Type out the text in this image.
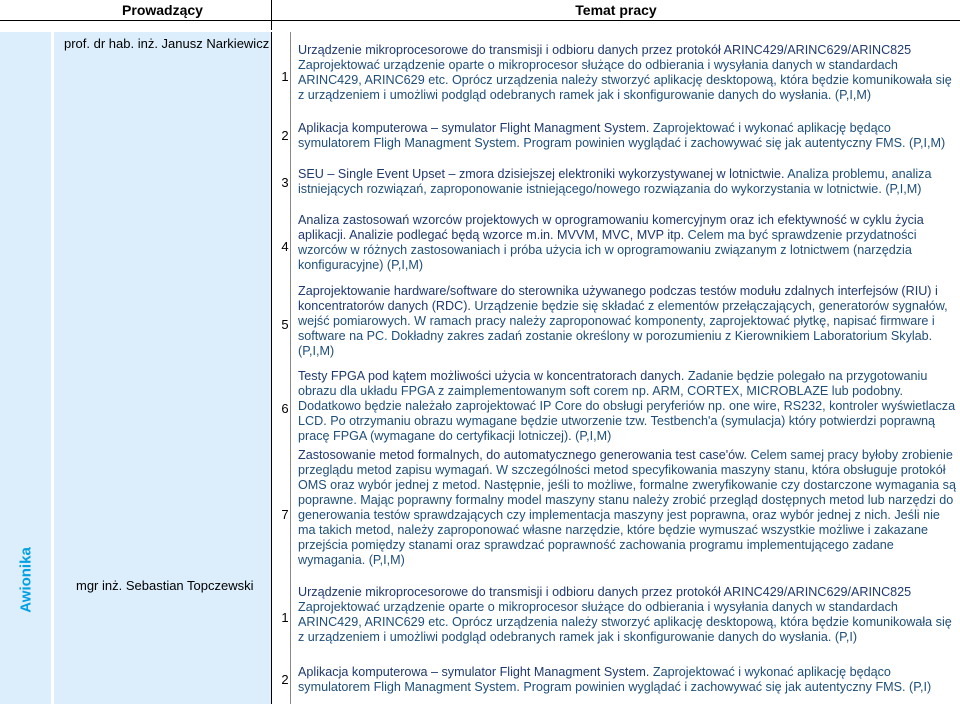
Prowadzący	Temat pracy
Awionika
prof. dr hab. inż. Janusz Narkiewicz
mgr inż. Sebastian Topczewski
1
Urządzenie mikroprocesorowe do transmisji i odbioru danych przez protokół ARINC429/ARINC629/ARINC825 Zaprojektować urządzenie oparte o mikroprocesor służące do odbierania i wysyłania danych w standardach ARINC429, ARINC629 etc. Oprócz urządzenia należy stworzyć aplikację desktopową, która będzie komunikowała się z urządzeniem i umożliwi podgląd odebranych ramek jak i skonfigurowanie danych do wysłania. (P,I,M)
2 Aplikacja komputerowa – symulator Flight Managment System. Zaprojektować i wykonać aplikację będąco symulatorem Fligh Managment System. Program powinien wyglądać i zachowywać się jak autentyczny FMS. (P,I,M)
3
SEU – Single Event Upset – zmora dzisiejszej elektroniki wykorzystywanej w lotnictwie. Analiza problemu, analiza istniejących rozwiązań, zaproponowanie istniejącego/nowego rozwiązania do wykorzystania w lotnictwie. (P,I,M)
4
Analiza zastosowań wzorców projektowych w oprogramowaniu komercyjnym oraz ich efektywność w cyklu życia aplikacji. Analizie podlegać będą wzorce m.in. MVVM, MVC, MVP itp. Celem ma być sprawdzenie przydatności wzorców w różnych zastosowaniach i próba użycia ich w oprogramowaniu związanym z lotnictwem (narzędzia konfiguracyjne) (P,I,M)
5
Zaprojektowanie hardware/software do sterownika używanego podczas testów modułu zdalnych interfejsów (RIU) i koncentratorów danych (RDC). Urządzenie będzie się składać z elementów przełączających, generatorów sygnałów, wejść pomiarowych. W ramach pracy należy zaproponować komponenty, zaprojektować płytkę, napisać firmware i software na PC. Dokładny zakres zadań zostanie określony w porozumieniu z Kierownikiem Laboratorium Skylab. (P,I,M)
6
Testy FPGA pod kątem możliwości użycia w koncentratorach danych. Zadanie będzie polegało na przygotowaniu obrazu dla układu FPGA z zaimplementowanym soft corem np. ARM, CORTEX, MICROBLAZE lub podobny. Dodatkowo będzie należało zaprojektować IP Core do obsługi peryferiów np. one wire, RS232, kontroler wyświetlacza LCD. Po otrzymaniu obrazu wymagane będzie utworzenie tzw. Testbench'a (symulacja) który potwierdzi poprawną pracę FPGA (wymagane do certyfikacji lotniczej). (P,I,M)
7
Zastosowanie metod formalnych, do automatycznego generowania test case'ów. Celem samej pracy byłoby zrobienie przeglądu metod zapisu wymagań. W szczególności metod specyfikowania maszyny stanu, która obsługuje protokół OMS oraz wybór jednej z metod. Następnie, jeśli to możliwe, formalne zweryfikowanie czy dostarczone wymagania są poprawne. Mając poprawny formalny model maszyny stanu należy zrobić przegląd dostępnych metod lub narzędzi do generowania testów sprawdzających czy implementacja maszyny jest poprawna, oraz wybór jednej z nich. Jeśli nie ma takich metod, należy zaproponować własne narzędzie, które będzie wymuszać wszystkie możliwe i zakazane przejścia pomiędzy stanami oraz sprawdzać poprawność zachowania programu implementującego zadane wymagania. (P,I,M)
1
Urządzenie mikroprocesorowe do transmisji i odbioru danych przez protokół ARINC429/ARINC629/ARINC825 Zaprojektować urządzenie oparte o mikroprocesor służące do odbierania i wysyłania danych w standardach ARINC429, ARINC629 etc. Oprócz urządzenia należy stworzyć aplikację desktopową, która będzie komunikowała się z urządzeniem i umożliwi podgląd odebranych ramek jak i skonfigurowanie danych do wysłania. (P,I)
2 Aplikacja komputerowa – symulator Flight Managment System. Zaprojektować i wykonać aplikację będąco symulatorem Fligh Managment System. Program powinien wyglądać i zachowywać się jak autentyczny FMS. (P,I)
